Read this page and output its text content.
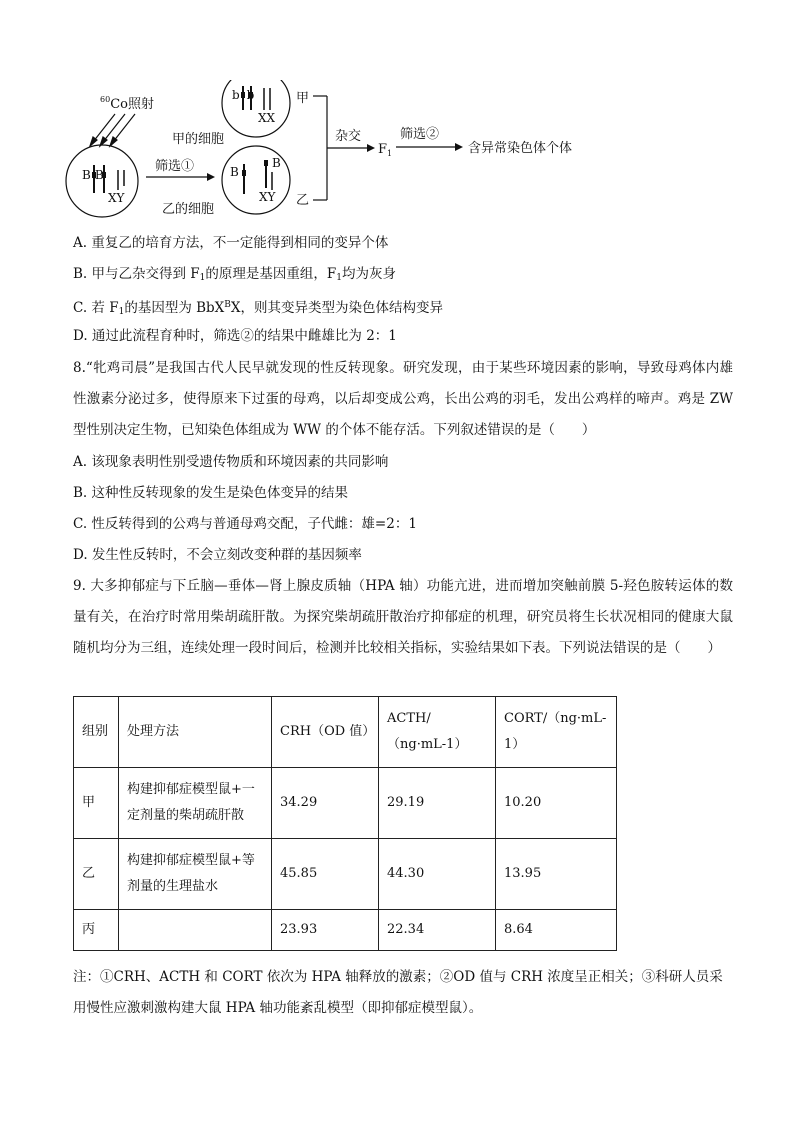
$^{60}$Co照射
BB
XY
筛选①
乙的细胞
bb
XX
甲的细胞
B
B
XY
甲
乙
杂交
$F_1$
筛选②
含异常染色体个体
A. 重复乙的培育方法，不一定能得到相同的变异个体
B. 甲与乙杂交得到 $F_1$的原理是基因重组，$F_1$均为灰身
C. 若 $F_1$的基因型为 BbX$^B$X，则其变异类型为染色体结构变异
D. 通过此流程育种时，筛选②的结果中雌雄比为 2：1
8.“牝鸡司晨”是我国古代人民早就发现的性反转现象。研究发现，由于某些环境因素的影响，导致母鸡体内雄性激素分泌过多，使得原来下过蛋的母鸡，以后却变成公鸡，长出公鸡的羽毛，发出公鸡样的啼声。鸡是 ZW 型性别决定生物，已知染色体组成为 WW 的个体不能存活。下列叙述错误的是（　　）
A. 该现象表明性别受遗传物质和环境因素的共同影响
B. 这种性反转现象的发生是染色体变异的结果
C. 性反转得到的公鸡与普通母鸡交配，子代雌：雄=2：1
D. 发生性反转时，不会立刻改变种群的基因频率
9. 大多抑郁症与下丘脑—垂体—肾上腺皮质轴（HPA 轴）功能亢进，进而增加突触前膜 5-羟色胺转运体的数量有关，在治疗时常用柴胡疏肝散。为探究柴胡疏肝散治疗抑郁症的机理，研究员将生长状况相同的健康大鼠随机均分为三组，连续处理一段时间后，检测并比较相关指标，实验结果如下表。下列说法错误的是（　　）
组别	处理方法	CRH（OD 值）	ACTH/（ng·mL-1）	CORT/（ng·mL-1）
甲	构建抑郁症模型鼠+一定剂量的柴胡疏肝散	34.29	29.19	10.20
乙	构建抑郁症模型鼠+等剂量的生理盐水	45.85	44.30	13.95
丙		23.93	22.34	8.64
注：①CRH、ACTH 和 CORT 依次为 HPA 轴释放的激素；②OD 值与 CRH 浓度呈正相关；③科研人员采用慢性应激刺激构建大鼠 HPA 轴功能紊乱模型（即抑郁症模型鼠）。
